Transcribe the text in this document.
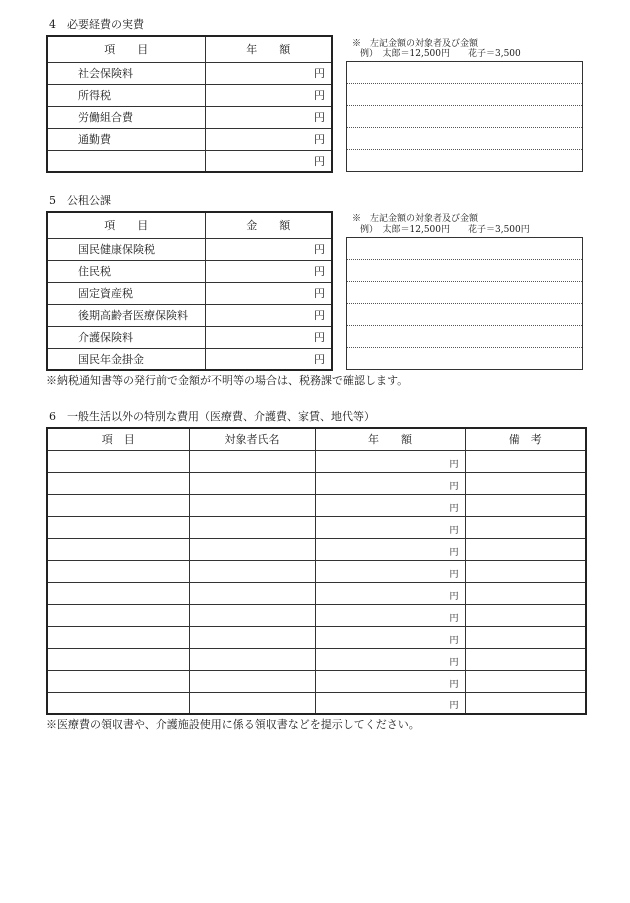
4　必要経費の実費
項　　目	年　　額
社会保険料	円
所得税	円
労働組合費	円
通勤費	円
	円
※　左記金額の対象者及び金額
例）　太郎＝12,500円　　花子＝3,500

5　公租公課
項　　目	金　　額
国民健康保険税	円
住民税	円
固定資産税	円
後期高齢者医療保険料	円
介護保険料	円
国民年金掛金	円
※　左記金額の対象者及び金額
例）　太郎＝12,500円　　花子＝3,500円

※納税通知書等の発行前で金額が不明等の場合は、税務課で確認します。
6　一般生活以外の特別な費用（医療費、介護費、家賃、地代等）
項　目	対象者氏名	年　　額	備　考
		円	
		円	
		円	
		円	
		円	
		円	
		円	
		円	
		円	
		円	
		円	
		円	
※医療費の領収書や、介護施設使用に係る領収書などを提示してください。
